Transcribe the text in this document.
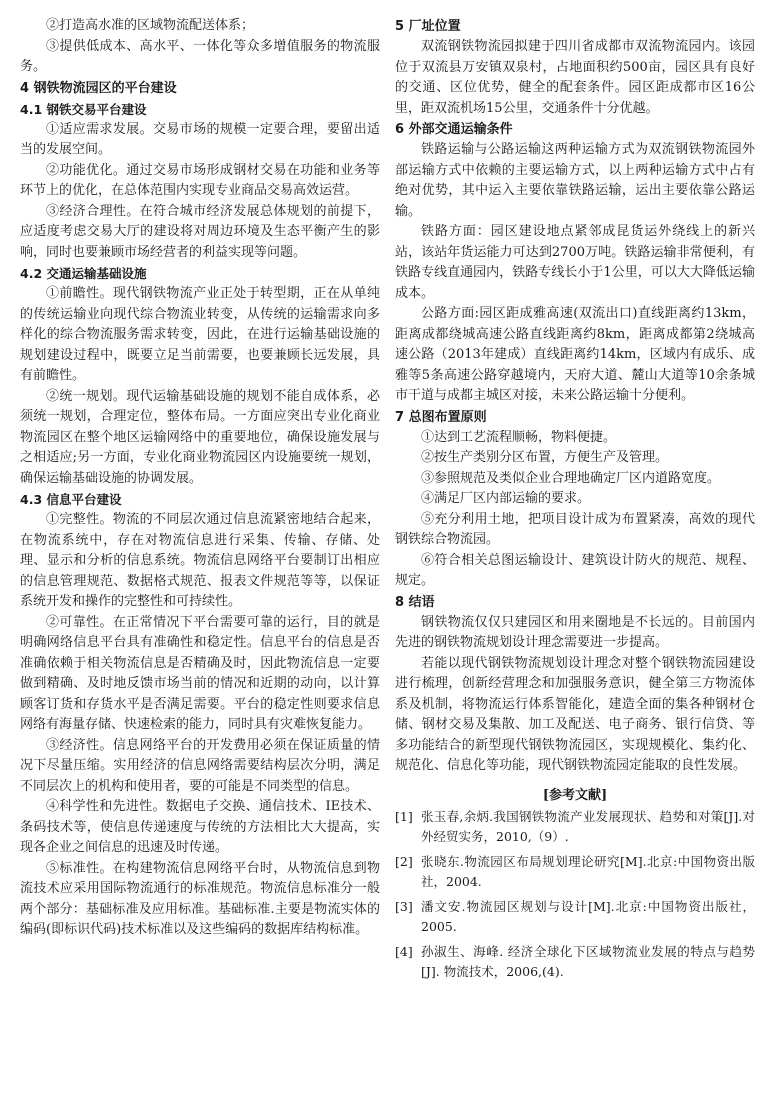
②打造高水准的区域物流配送体系；

③提供低成本、高水平、一体化等众多增值服务的物流服务。

4 钢铁物流园区的平台建设
4.1 钢铁交易平台建设

①适应需求发展。交易市场的规模一定要合理，要留出适当的发展空间。

②功能优化。通过交易市场形成钢材交易在功能和业务等环节上的优化，在总体范围内实现专业商品交易高效运营。

③经济合理性。在符合城市经济发展总体规划的前提下，应适度考虑交易大厅的建设将对周边环境及生态平衡产生的影响，同时也要兼顾市场经营者的利益实现等问题。

4.2 交通运输基础设施

①前瞻性。现代钢铁物流产业正处于转型期，正在从单纯的传统运输业向现代综合物流业转变，从传统的运输需求向多样化的综合物流服务需求转变，因此，在进行运输基础设施的规划建设过程中，既要立足当前需要，也要兼顾长远发展，具有前瞻性。

②统一规划。现代运输基础设施的规划不能自成体系，必须统一规划，合理定位，整体布局。一方面应突出专业化商业物流园区在整个地区运输网络中的重要地位，确保设施发展与之相适应;另一方面，专业化商业物流园区内设施要统一规划，确保运输基础设施的协调发展。

4.3 信息平台建设

①完整性。物流的不同层次通过信息流紧密地结合起来，在物流系统中，存在对物流信息进行采集、传输、存储、处理、显示和分析的信息系统。物流信息网络平台要制订出相应的信息管理规范、数据格式规范、报表文件规范等等，以保证系统开发和操作的完整性和可持续性。

②可靠性。在正常情况下平台需要可靠的运行，目的就是明确网络信息平台具有准确性和稳定性。信息平台的信息是否准确依赖于相关物流信息是否精确及时，因此物流信息一定要做到精确、及时地反馈市场当前的情况和近期的动向，以计算顾客订货和存货水平是否满足需要。平台的稳定性则要求信息网络有海量存储、快速检索的能力，同时具有灾难恢复能力。

③经济性。信息网络平台的开发费用必须在保证质量的情况下尽量压缩。实用经济的信息网络需要结构层次分明，满足不同层次上的机构和使用者，要的可能是不同类型的信息。

④科学性和先进性。数据电子交换、通信技术、IE技术、条码技术等，使信息传递速度与传统的方法相比大大提高，实现各企业之间信息的迅速及时传递。

⑤标准性。在构建物流信息网络平台时，从物流信息到物流技术应采用国际物流通行的标准规范。物流信息标准分一般两个部分：基础标准及应用标准。基础标准.主要是物流实体的编码(即标识代码)技术标准以及这些编码的数据库结构标准。

5 厂址位置

双流钢铁物流园拟建于四川省成都市双流物流园内。该园位于双流县万安镇双泉村，占地面积约500亩，园区具有良好的交通、区位优势，健全的配套条件。园区距成都市区16公里，距双流机场15公里，交通条件十分优越。

6 外部交通运输条件

铁路运输与公路运输这两种运输方式为双流钢铁物流园外部运输方式中依赖的主要运输方式，以上两种运输方式中占有绝对优势，其中运入主要依靠铁路运输，运出主要依靠公路运输。

铁路方面：园区建设地点紧邻成昆货运外绕线上的新兴站，该站年货运能力可达到2700万吨。铁路运输非常便利，有铁路专线直通园内，铁路专线长小于1公里，可以大大降低运输成本。

公路方面:园区距成雅高速(双流出口)直线距离约13km，距离成都绕城高速公路直线距离约8km，距离成都第2绕城高速公路（2013年建成）直线距离约14km，区域内有成乐、成雅等5条高速公路穿越境内，天府大道、麓山大道等10余条城市干道与成都主城区对接，未来公路运输十分便利。

7 总图布置原则

①达到工艺流程顺畅，物料便捷。

②按生产类别分区布置，方便生产及管理。

③参照规范及类似企业合理地确定厂区内道路宽度。

④满足厂区内部运输的要求。

⑤充分利用土地，把项目设计成为布置紧凑，高效的现代钢铁综合物流园。

⑥符合相关总图运输设计、建筑设计防火的规范、规程、规定。

8 结语

钢铁物流仅仅只建园区和用来圈地是不长远的。目前国内先进的钢铁物流规划设计理念需要进一步提高。

若能以现代钢铁物流规划设计理念对整个钢铁物流园建设进行梳理，创新经营理念和加强服务意识，健全第三方物流体系及机制，将物流运行体系智能化，建造全面的集各种钢材仓储、钢材交易及集散、加工及配送、电子商务、银行信贷、等多功能结合的新型现代钢铁物流园区，实现规模化、集约化、规范化、信息化等功能，现代钢铁物流园定能取的良性发展。

[参考文献]
[1] 张玉春,余炳.我国钢铁物流产业发展现状、趋势和对策[J].对外经贸实务，2010,（9）.
[2] 张晓东.物流园区布局规划理论研究[M].北京:中国物资出版社，2004.
[3] 潘文安.物流园区规划与设计[M].北京:中国物资出版社，2005.
[4] 孙淑生、海峰. 经济全球化下区域物流业发展的特点与趋势[J]. 物流技术，2006,(4).
